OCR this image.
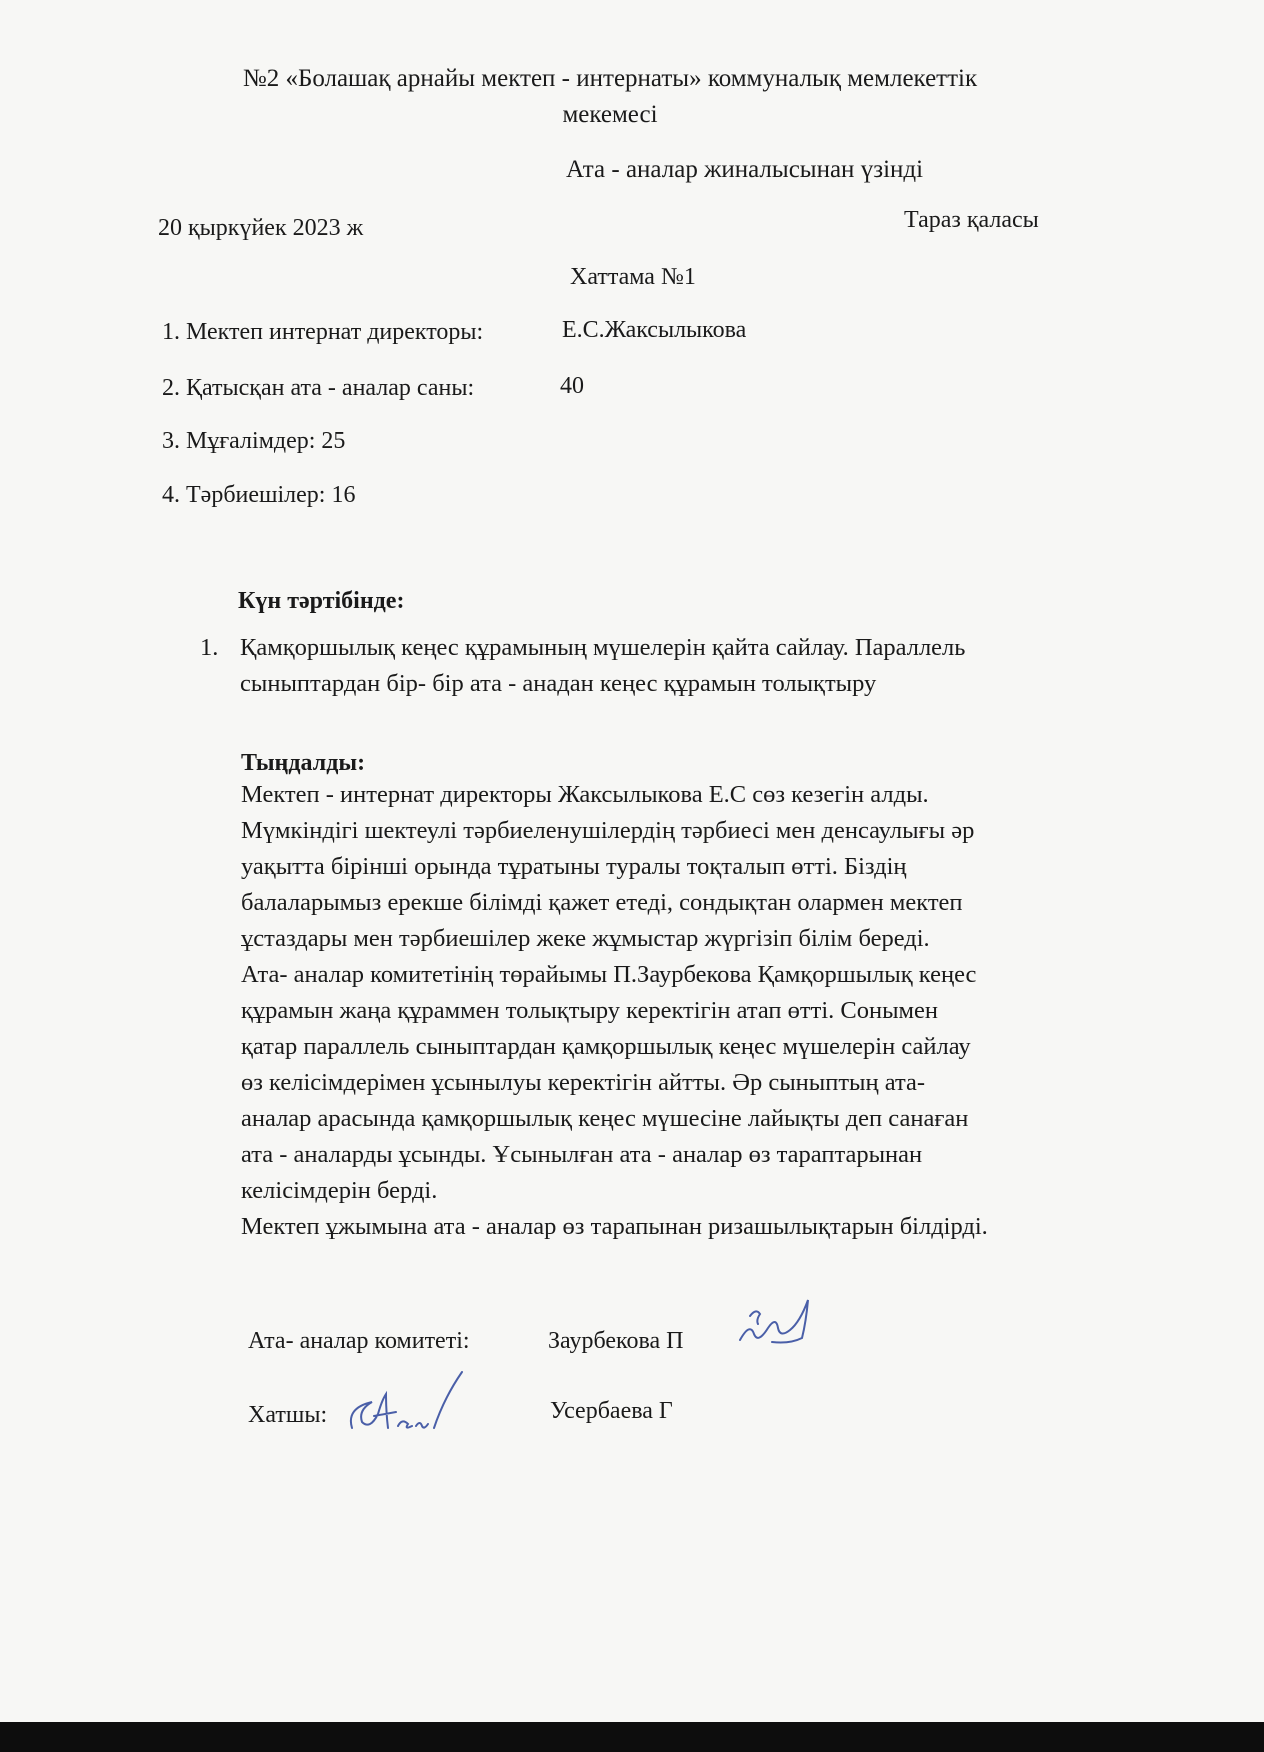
№2 «Болашақ арнайы мектеп - интернаты» коммуналық мемлекеттік
мекемесі
Ата - аналар жиналысынан үзінді
20 қыркүйек 2023 ж	Тараз қаласы
Хаттама №1
1. Мектеп интернат директоры:	Е.С.Жаксылыкова
2. Қатысқан ата - аналар саны:	40
3. Мұғалімдер: 25
4. Тәрбиешілер: 16
Күн тәртібінде:
1. Қамқоршылық кеңес құрамының мүшелерін қайта сайлау. Параллель
сыныптардан бір- бір ата - анадан кеңес құрамын толықтыру
Тыңдалды:
Мектеп - интернат директоры Жаксылыкова Е.С сөз кезегін алды.
Мүмкіндігі шектеулі тәрбиеленушілердің тәрбиесі мен денсаулығы әр
уақытта бірінші орында тұратыны туралы тоқталып өтті. Біздің
балаларымыз ерекше білімді қажет етеді, сондықтан олармен мектеп
ұстаздары мен тәрбиешілер жеке жұмыстар жүргізіп білім береді.
Ата- аналар комитетінің төрайымы П.Заурбекова Қамқоршылық кеңес
құрамын жаңа құраммен толықтыру керектігін атап өтті. Сонымен
қатар параллель сыныптардан қамқоршылық кеңес мүшелерін сайлау
өз келісімдерімен ұсынылуы керектігін айтты. Әр сыныптың ата-
аналар арасында қамқоршылық кеңес мүшесіне лайықты деп санаған
ата - аналарды ұсынды. Ұсынылған ата - аналар өз тараптарынан
келісімдерін берді.
Мектеп ұжымына ата - аналар өз тарапынан ризашылықтарын білдірді.
Ата- аналар комитеті:	Заурбекова П
Хатшы:	Усербаева Г
